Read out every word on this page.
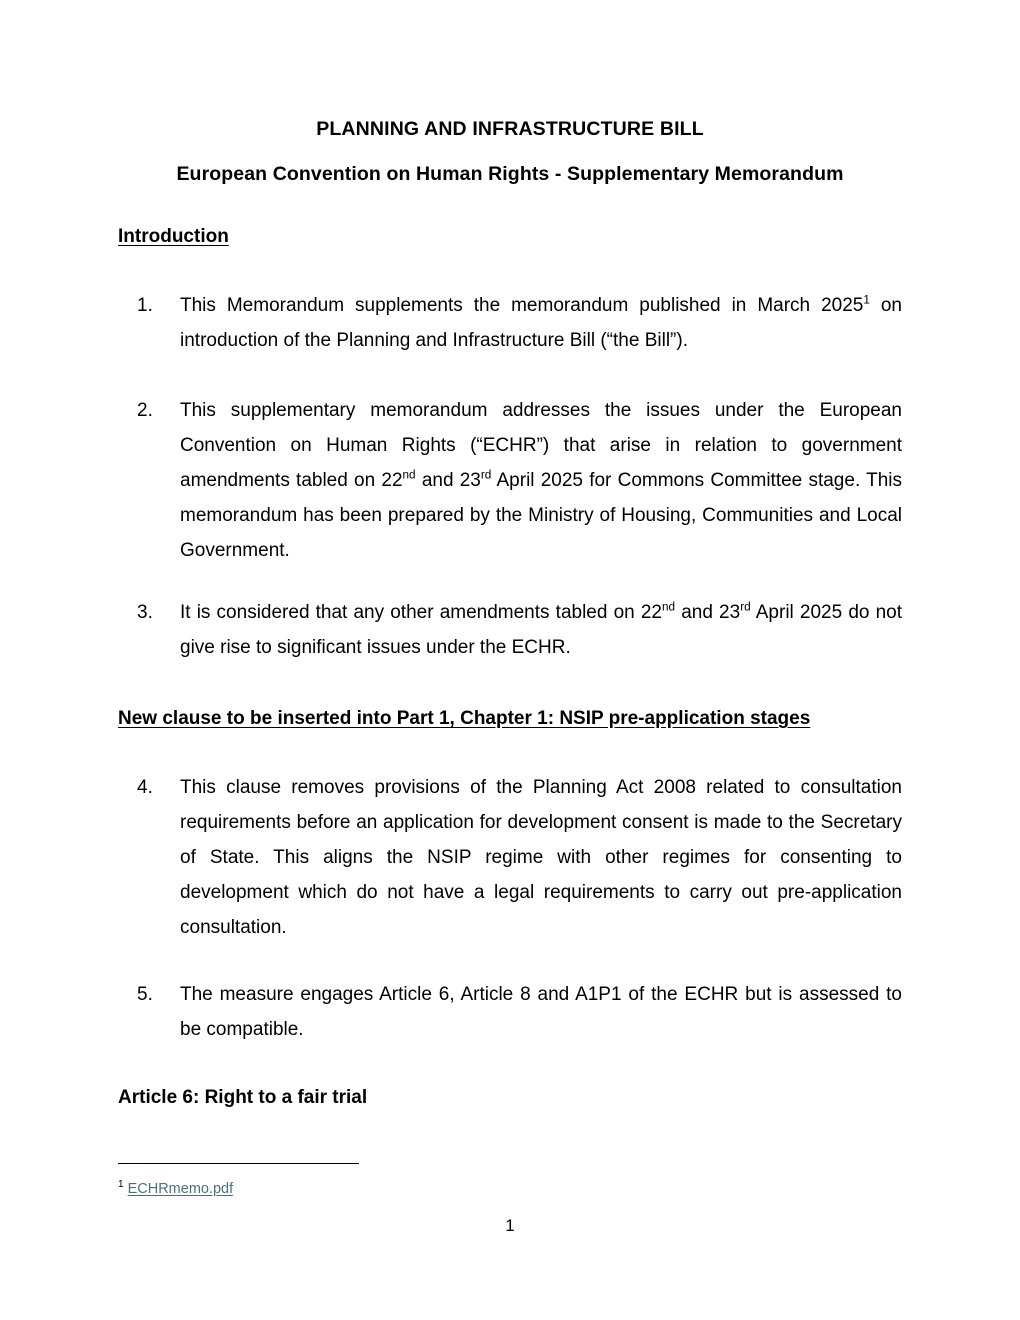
PLANNING AND INFRASTRUCTURE BILL
European Convention on Human Rights - Supplementary Memorandum
Introduction
1.	This Memorandum supplements the memorandum published in March 2025$^1$ on introduction of the Planning and Infrastructure Bill (“the Bill”).
2.	This supplementary memorandum addresses the issues under the European Convention on Human Rights (“ECHR”) that arise in relation to government amendments tabled on 22nd and 23rd April 2025 for Commons Committee stage. This memorandum has been prepared by the Ministry of Housing, Communities and Local Government.
3.	It is considered that any other amendments tabled on 22nd and 23rd April 2025 do not give rise to significant issues under the ECHR.
New clause to be inserted into Part 1, Chapter 1: NSIP pre-application stages
4.	This clause removes provisions of the Planning Act 2008 related to consultation requirements before an application for development consent is made to the Secretary of State. This aligns the NSIP regime with other regimes for consenting to development which do not have a legal requirements to carry out pre-application consultation.
5.	The measure engages Article 6, Article 8 and A1P1 of the ECHR but is assessed to be compatible.
Article 6: Right to a fair trial
$^1$ ECHRmemo.pdf
1
